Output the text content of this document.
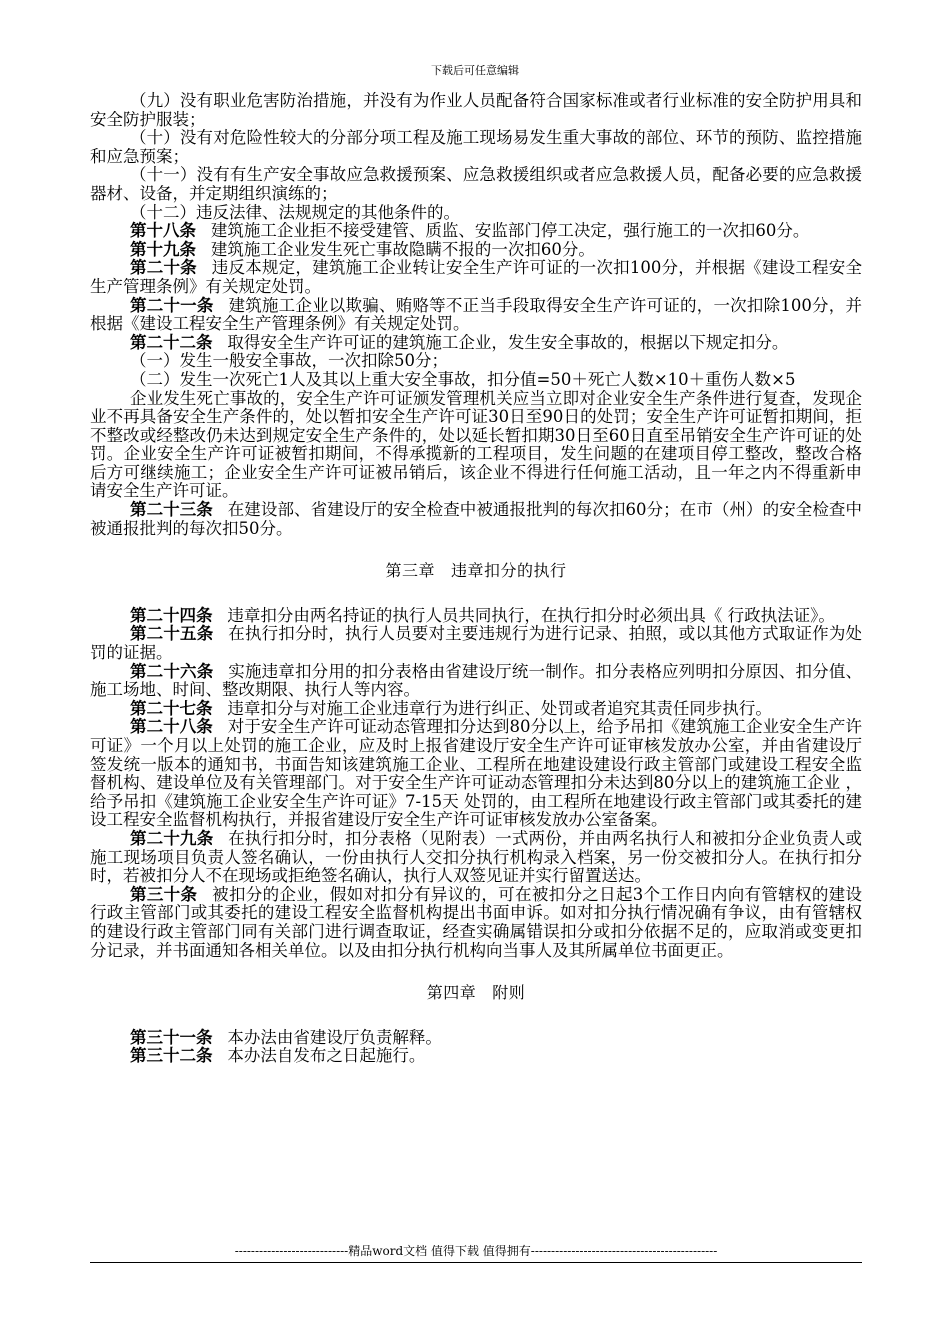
下载后可任意编辑

（九）没有职业危害防治措施，并没有为作业人员配备符合国家标准或者行业标准的安全防护用具和安全防护服装；

（十）没有对危险性较大的分部分项工程及施工现场易发生重大事故的部位、环节的预防、监控措施和应急预案；

（十一）没有有生产安全事故应急救援预案、应急救援组织或者应急救援人员，配备必要的应急救援器材、设备，并定期组织演练的；

（十二）违反法律、法规规定的其他条件的。

第十八条 建筑施工企业拒不接受建管、质监、安监部门停工决定，强行施工的一次扣60分。

第十九条 建筑施工企业发生死亡事故隐瞒不报的一次扣60分。

第二十条 违反本规定，建筑施工企业转让安全生产许可证的一次扣100分，并根据《建设工程安全生产管理条例》有关规定处罚。

第二十一条 建筑施工企业以欺骗、贿赂等不正当手段取得安全生产许可证的，一次扣除100分，并根据《建设工程安全生产管理条例》有关规定处罚。

第二十二条 取得安全生产许可证的建筑施工企业，发生安全事故的，根据以下规定扣分。

（一）发生一般安全事故，一次扣除50分；

（二）发生一次死亡1人及其以上重大安全事故，扣分值=50＋死亡人数×10＋重伤人数×5

企业发生死亡事故的，安全生产许可证颁发管理机关应当立即对企业安全生产条件进行复查，发现企业不再具备安全生产条件的，处以暂扣安全生产许可证30日至90日的处罚；安全生产许可证暂扣期间，拒不整改或经整改仍未达到规定安全生产条件的，处以延长暂扣期30日至60日直至吊销安全生产许可证的处罚。企业安全生产许可证被暂扣期间，不得承揽新的工程项目，发生问题的在建项目停工整改，整改合格后方可继续施工；企业安全生产许可证被吊销后，该企业不得进行任何施工活动，且一年之内不得重新申请安全生产许可证。

第二十三条 在建设部、省建设厅的安全检查中被通报批判的每次扣60分；在市（州）的安全检查中被通报批判的每次扣50分。

第三章 违章扣分的执行

第二十四条 违章扣分由两名持证的执行人员共同执行，在执行扣分时必须出具《 行政执法证》。

第二十五条 在执行扣分时，执行人员要对主要违规行为进行记录、拍照，或以其他方式取证作为处罚的证据。

第二十六条 实施违章扣分用的扣分表格由省建设厅统一制作。扣分表格应列明扣分原因、扣分值、施工场地、时间、整改期限、执行人等内容。

第二十七条 违章扣分与对施工企业违章行为进行纠正、处罚或者追究其责任同步执行。

第二十八条 对于安全生产许可证动态管理扣分达到80分以上，给予吊扣《建筑施工企业安全生产许可证》一个月以上处罚的施工企业，应及时上报省建设厅安全生产许可证审核发放办公室，并由省建设厅签发统一版本的通知书，书面告知该建筑施工企业、工程所在地建设建设行政主管部门或建设工程安全监督机构、建设单位及有关管理部门。对于安全生产许可证动态管理扣分未达到80分以上的建筑施工企业 ，给予吊扣《建筑施工企业安全生产许可证》7-15天 处罚的，由工程所在地建设行政主管部门或其委托的建设工程安全监督机构执行，并报省建设厅安全生产许可证审核发放办公室备案。

第二十九条 在执行扣分时，扣分表格（见附表）一式两份，并由两名执行人和被扣分企业负责人或施工现场项目负责人签名确认，一份由执行人交扣分执行机构录入档案，另一份交被扣分人。在执行扣分时，若被扣分人不在现场或拒绝签名确认，执行人双签见证并实行留置送达。

第三十条 被扣分的企业，假如对扣分有异议的，可在被扣分之日起3个工作日内向有管辖权的建设行政主管部门或其委托的建设工程安全监督机构提出书面申诉。如对扣分执行情况确有争议，由有管辖权的建设行政主管部门同有关部门进行调查取证，经查实确属错误扣分或扣分依据不足的，应取消或变更扣分记录，并书面通知各相关单位。以及由扣分执行机构向当事人及其所属单位书面更正。

第四章 附则

第三十一条 本办法由省建设厅负责解释。

第三十二条 本办法自发布之日起施行。

----------------------------精品word文档 值得下载 值得拥有----------------------------------------------
